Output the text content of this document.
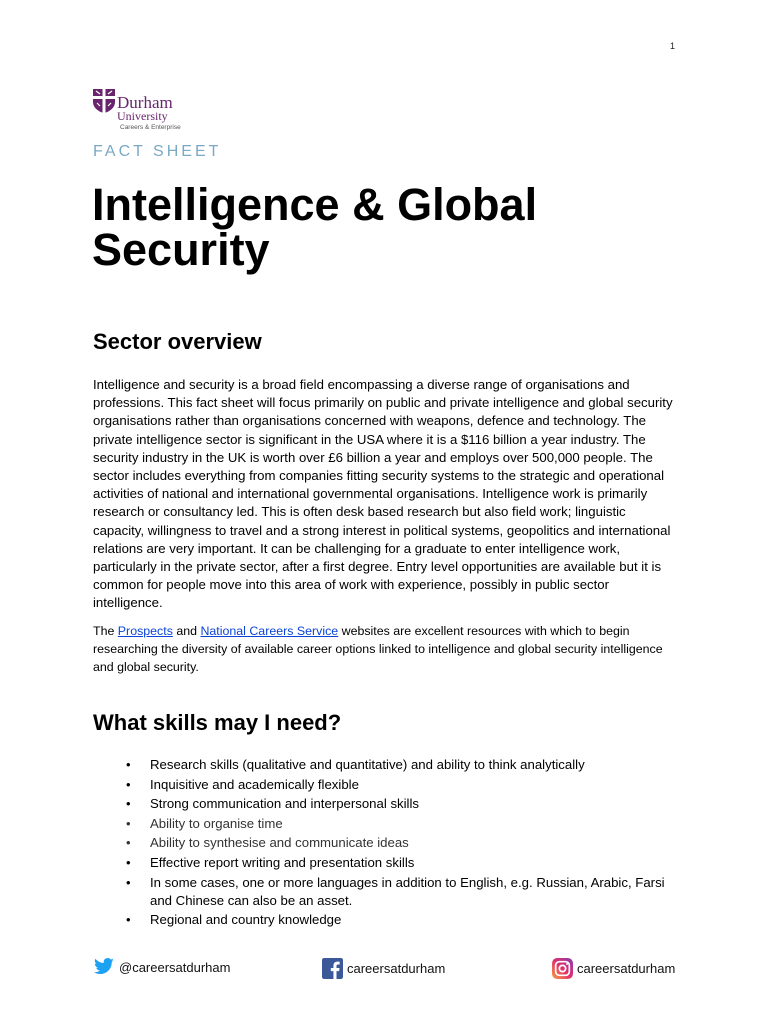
1
Durham
University
Careers & Enterprise
FACT SHEET
Intelligence & Global Security
Sector overview

Intelligence and security is a broad field encompassing a diverse range of organisations and professions. This fact sheet will focus primarily on public and private intelligence and global security organisations rather than organisations concerned with weapons, defence and technology. The private intelligence sector is significant in the USA where it is a $116 billion a year industry. The security industry in the UK is worth over £6 billion a year and employs over 500,000 people. The sector includes everything from companies fitting security systems to the strategic and operational activities of national and international governmental organisations. Intelligence work is primarily research or consultancy led. This is often desk based research but also field work; linguistic capacity, willingness to travel and a strong interest in political systems, geopolitics and international relations are very important. It can be challenging for a graduate to enter intelligence work, particularly in the private sector, after a first degree. Entry level opportunities are available but it is common for people move into this area of work with experience, possibly in public sector intelligence.

The Prospects and National Careers Service websites are excellent resources with which to begin researching the diversity of available career options linked to intelligence and global security intelligence and global security.

What skills may I need?
• Research skills (qualitative and quantitative) and ability to think analytically
• Inquisitive and academically flexible
• Strong communication and interpersonal skills
• Ability to organise time
• Ability to synthesise and communicate ideas
• Effective report writing and presentation skills
• In some cases, one or more languages in addition to English, e.g. Russian, Arabic, Farsi and Chinese can also be an asset.
• Regional and country knowledge
@careersatdurham	careersatdurham	careersatdurham
